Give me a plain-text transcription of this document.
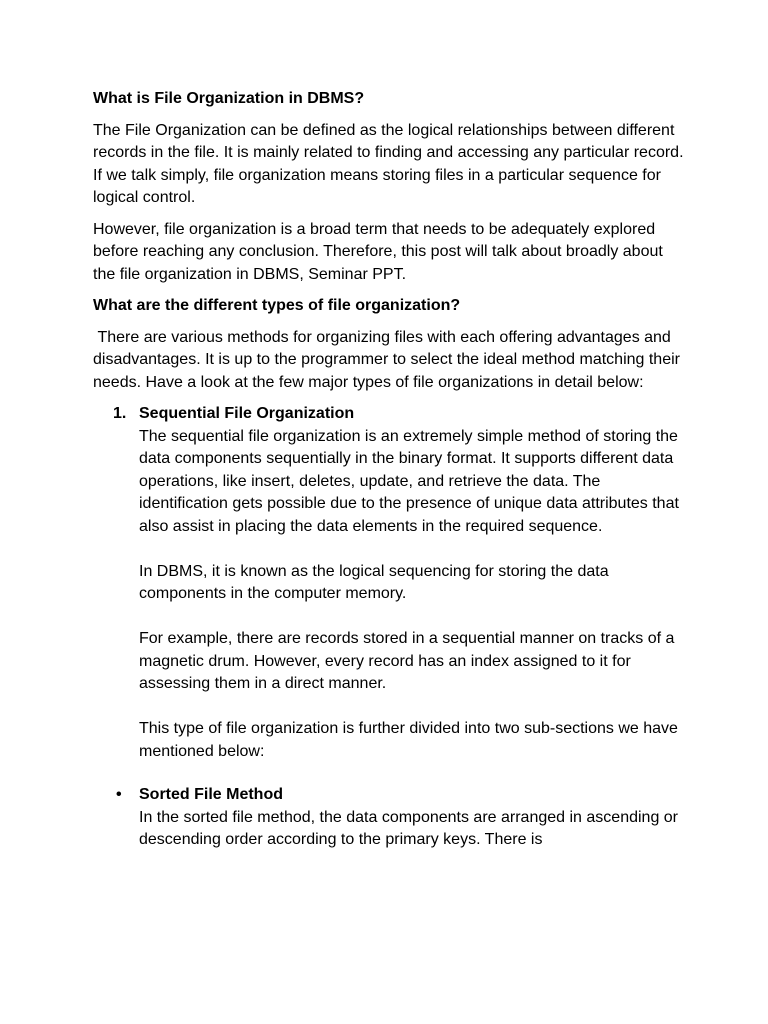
What is File Organization in DBMS?

The File Organization can be defined as the logical relationships between different records in the file. It is mainly related to finding and accessing any particular record. If we talk simply, file organization means storing files in a particular sequence for logical control.

However, file organization is a broad term that needs to be adequately explored before reaching any conclusion. Therefore, this post will talk about broadly about the file organization in DBMS, Seminar PPT.

What are the different types of file organization?

There are various methods for organizing files with each offering advantages and disadvantages. It is up to the programmer to select the ideal method matching their needs. Have a look at the few major types of file organizations in detail below:

1. Sequential File Organization
The sequential file organization is an extremely simple method of storing the data components sequentially in the binary format. It supports different data operations, like insert, deletes, update, and retrieve the data. The identification gets possible due to the presence of unique data attributes that also assist in placing the data elements in the required sequence.
In DBMS, it is known as the logical sequencing for storing the data components in the computer memory.
For example, there are records stored in a sequential manner on tracks of a magnetic drum. However, every record has an index assigned to it for assessing them in a direct manner.
This type of file organization is further divided into two sub-sections we have mentioned below:
• Sorted File Method
In the sorted file method, the data components are arranged in ascending or descending order according to the primary keys. There is
